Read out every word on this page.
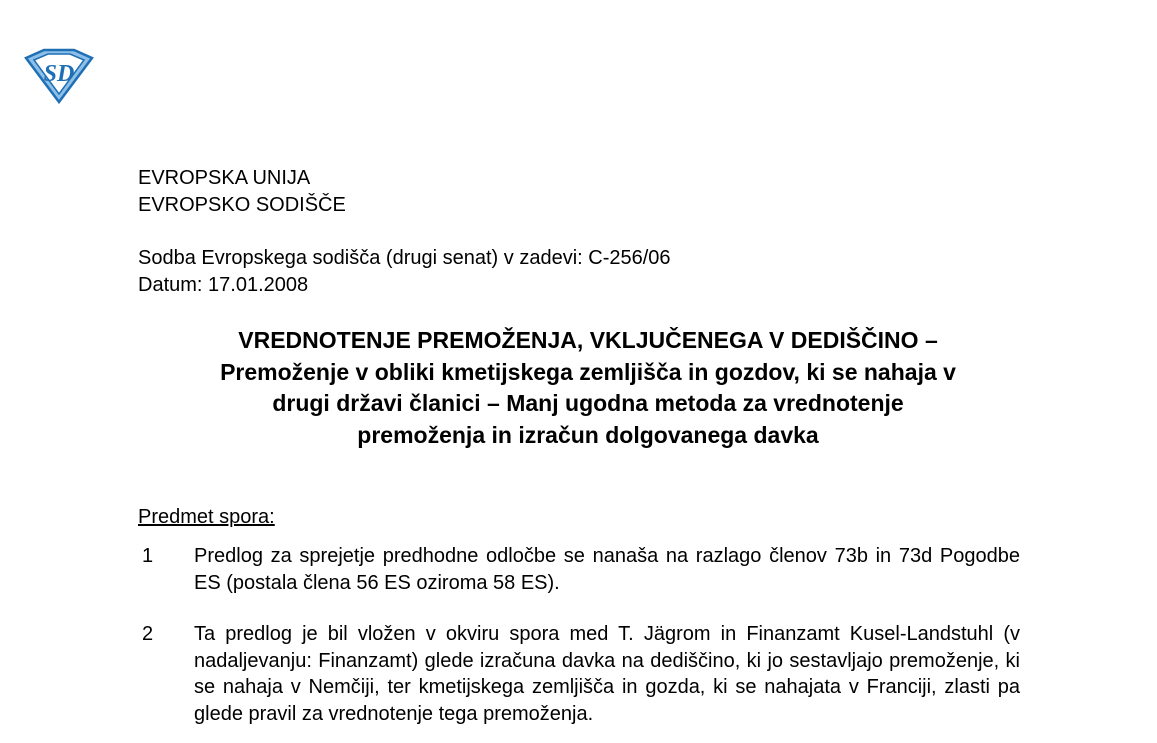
SD
EVROPSKA UNIJA
EVROPSKO SODIŠČE
Sodba Evropskega sodišča (drugi senat) v zadevi: C-256/06
Datum: 17.01.2008
VREDNOTENJE PREMOŽENJA, VKLJUČENEGA V DEDIŠČINO –
Premoženje v obliki kmetijskega zemljišča in gozdov, ki se nahaja v
drugi državi članici – Manj ugodna metoda za vrednotenje
premoženja in izračun dolgovanega davka
Predmet spora:
1 Predlog za sprejetje predhodne odločbe se nanaša na razlago členov 73b in 73d Pogodbe ES (postala člena 56 ES oziroma 58 ES).
2 Ta predlog je bil vložen v okviru spora med T. Jägrom in Finanzamt Kusel-Landstuhl (v nadaljevanju: Finanzamt) glede izračuna davka na dediščino, ki jo sestavljajo premoženje, ki se nahaja v Nemčiji, ter kmetijskega zemljišča in gozda, ki se nahajata v Franciji, zlasti pa glede pravil za vrednotenje tega premoženja.
